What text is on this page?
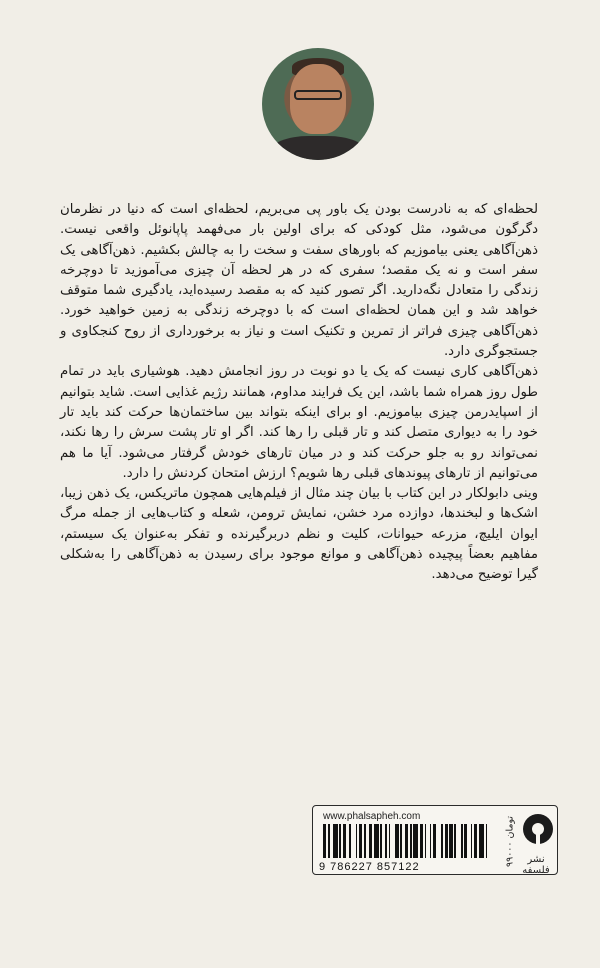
لحظه‌ای که به نادرست بودن یک باور پی می‌بریم، لحظه‌ای است که دنیا در نظرمان دگرگون می‌شود، مثل کودکی که برای اولین بار می‌فهمد پاپانوئل واقعی نیست. ذهن‌آگاهی یعنی بیاموزیم که باورهای سفت و سخت را به چالش بکشیم. ذهن‌آگاهی یک سفر است و نه یک مقصد؛ سفری که در هر لحظه آن چیزی می‌آموزید تا دوچرخه زندگی را متعادل نگه‌دارید. اگر تصور کنید که به مقصد رسیده‌اید، یادگیری شما متوقف خواهد شد و این همان لحظه‌ای است که با دوچرخه زندگی به زمین خواهید خورد. ذهن‌آگاهی چیزی فراتر از تمرین و تکنیک است و نیاز به برخورداری از روح کنجکاوی و جستجوگری دارد.

ذهن‌آگاهی کاری نیست که یک یا دو نوبت در روز انجامش دهید. هوشیاری باید در تمام طول روز همراه شما باشد، این یک فرایند مداوم، همانند رژیم غذایی است. شاید بتوانیم از اسپایدرمن چیزی بیاموزیم. او برای اینکه بتواند بین ساختمان‌ها حرکت کند باید تار خود را به دیواری متصل کند و تار قبلی را رها کند. اگر او تار پشت سرش را رها نکند، نمی‌تواند رو به جلو حرکت کند و در میان تارهای خودش گرفتار می‌شود. آیا ما هم می‌توانیم از تارهای پیوندهای قبلی رها شویم؟ ارزش امتحان کردنش را دارد.

وینی دابولکار در این کتاب با بیان چند مثال از فیلم‌هایی همچون ماتریکس، یک ذهن زیبا، اشک‌ها و لبخندها، دوازده مرد خشن، نمایش ترومن، شعله و کتاب‌هایی از جمله مرگ ایوان ایلیچ، مزرعه حیوانات، کلیت و نظم دربرگیرنده و تفکر به‌عنوان یک سیستم، مفاهیم بعضاً پیچیده ذهن‌آگاهی و موانع موجود برای رسیدن به ذهن‌آگاهی را به‌شکلی گیرا توضیح می‌دهد.

www.phalsapheh.com
9 786227 857122
۹۹۰۰۰ تومان
نشر فلسفه
